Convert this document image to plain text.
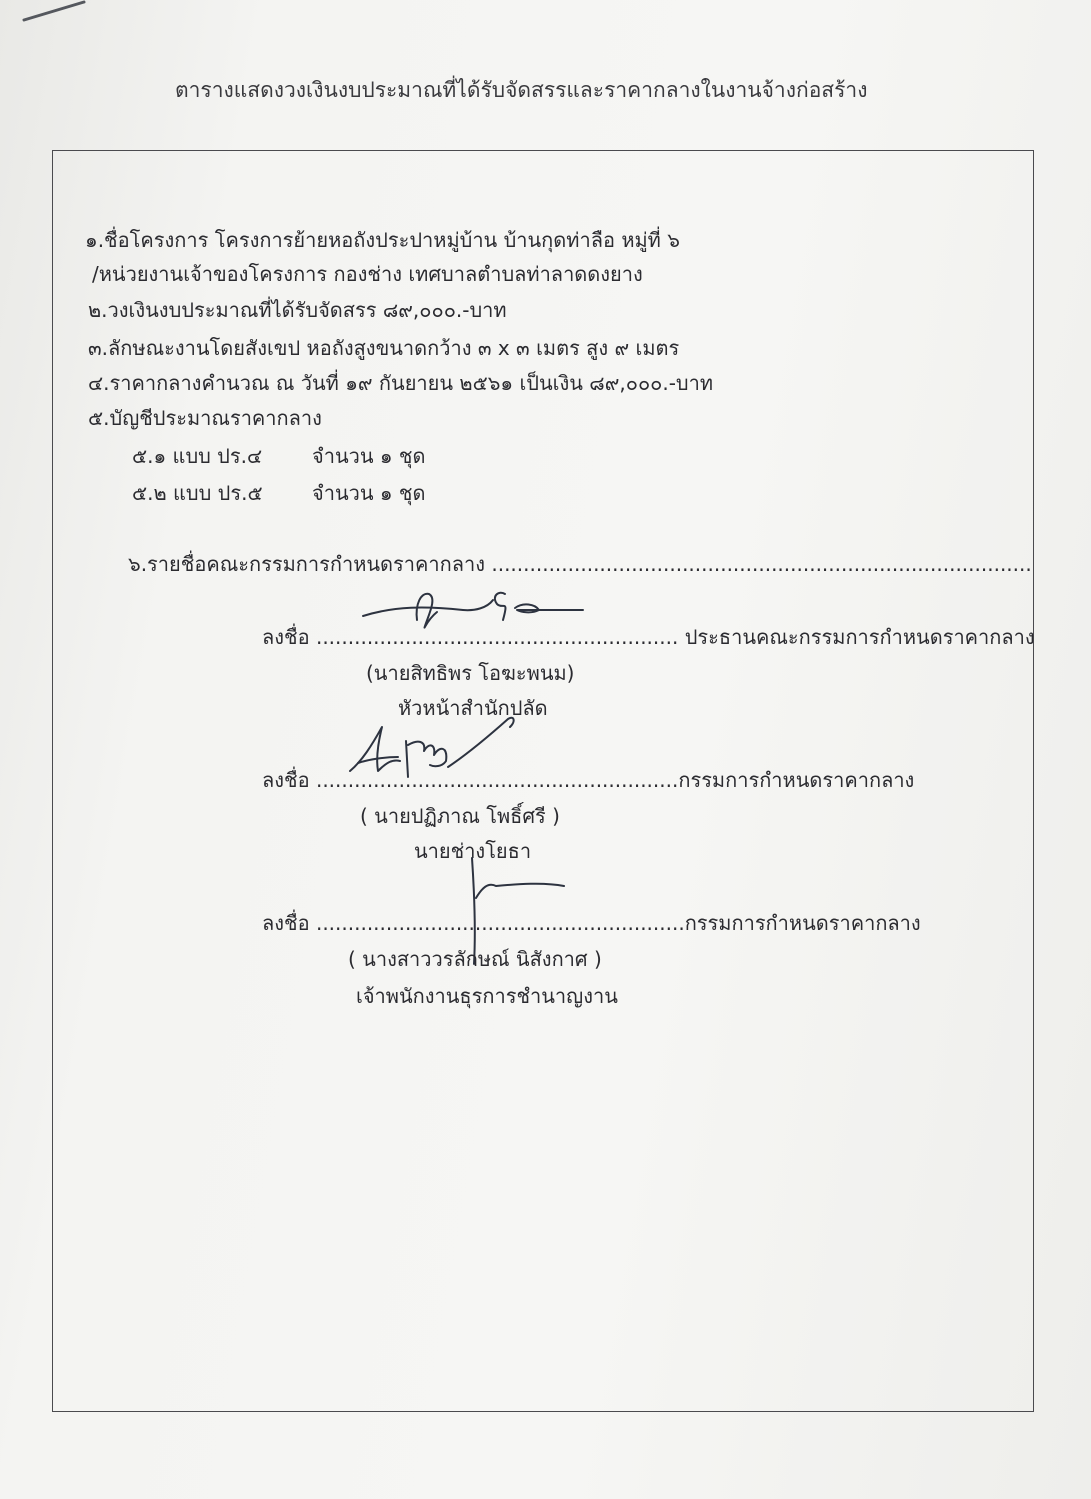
ตารางแสดงวงเงินงบประมาณที่ได้รับจัดสรรและราคากลางในงานจ้างก่อสร้าง
๑.ชื่อโครงการ โครงการย้ายหอถังประปาหมู่บ้าน บ้านกุดท่าลือ หมู่ที่ ๖
/หน่วยงานเจ้าของโครงการ กองช่าง เทศบาลตำบลท่าลาดดงยาง
๒.วงเงินงบประมาณที่ได้รับจัดสรร ๘๙,๐๐๐.-บาท
๓.ลักษณะงานโดยสังเขป หอถังสูงขนาดกว้าง ๓ x ๓ เมตร สูง ๙ เมตร
๔.ราคากลางคำนวณ ณ วันที่ ๑๙ กันยายน ๒๕๖๑ เป็นเงิน ๘๙,๐๐๐.-บาท
๕.บัญชีประมาณราคากลาง
๕.๑ แบบ ปร.๔ จำนวน ๑ ชุด
๕.๒ แบบ ปร.๕ จำนวน ๑ ชุด
๖.รายชื่อคณะกรรมการกำหนดราคากลาง .....................................................................................
ลงชื่อ ......................................................... ประธานคณะกรรมการกำหนดราคากลาง
(นายสิทธิพร โอฆะพนม)
หัวหน้าสำนักปลัด
ลงชื่อ .........................................................กรรมการกำหนดราคากลาง
( นายปฏิภาณ โพธิ์ศรี )
นายช่างโยธา
ลงชื่อ ..........................................................กรรมการกำหนดราคากลาง
( นางสาววรลักษณ์ นิสังกาศ )
เจ้าพนักงานธุรการชำนาญงาน
